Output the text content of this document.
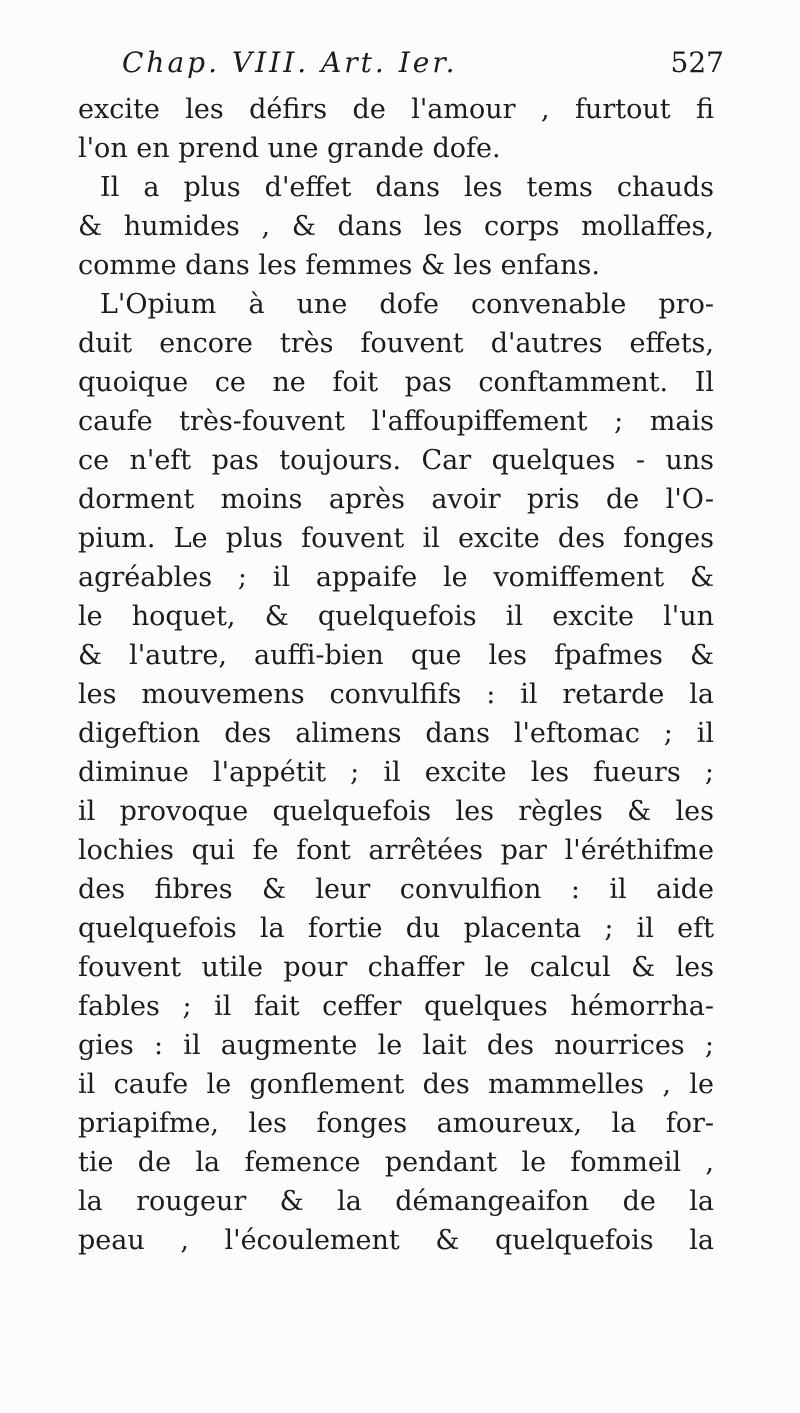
Chap. VIII. Art. Ier.	527
excite les défirs de l'amour , furtout fi
l'on en prend une grande dofe.
Il a plus d'effet dans les tems chauds
& humides , & dans les corps mollaffes,
comme dans les femmes & les enfans.
L'Opium à une dofe convenable pro-
duit encore très fouvent d'autres effets,
quoique ce ne foit pas conftamment. Il
caufe très-fouvent l'affoupiffement ; mais
ce n'eft pas toujours. Car quelques - uns
dorment moins après avoir pris de l'O-
pium. Le plus fouvent il excite des fonges
agréables ; il appaife le vomiffement &
le hoquet, & quelquefois il excite l'un
& l'autre, auffi-bien que les fpafmes &
les mouvemens convulfifs : il retarde la
digeftion des alimens dans l'eftomac ; il
diminue l'appétit ; il excite les fueurs ;
il provoque quelquefois les règles & les
lochies qui fe font arrêtées par l'éréthifme
des fibres & leur convulfion : il aide
quelquefois la fortie du placenta ; il eft
fouvent utile pour chaffer le calcul & les
fables ; il fait ceffer quelques hémorrha-
gies : il augmente le lait des nourrices ;
il caufe le gonflement des mammelles , le
priapifme, les fonges amoureux, la for-
tie de la femence pendant le fommeil ,
la rougeur & la démangeaifon de la
peau , l'écoulement & quelquefois la
